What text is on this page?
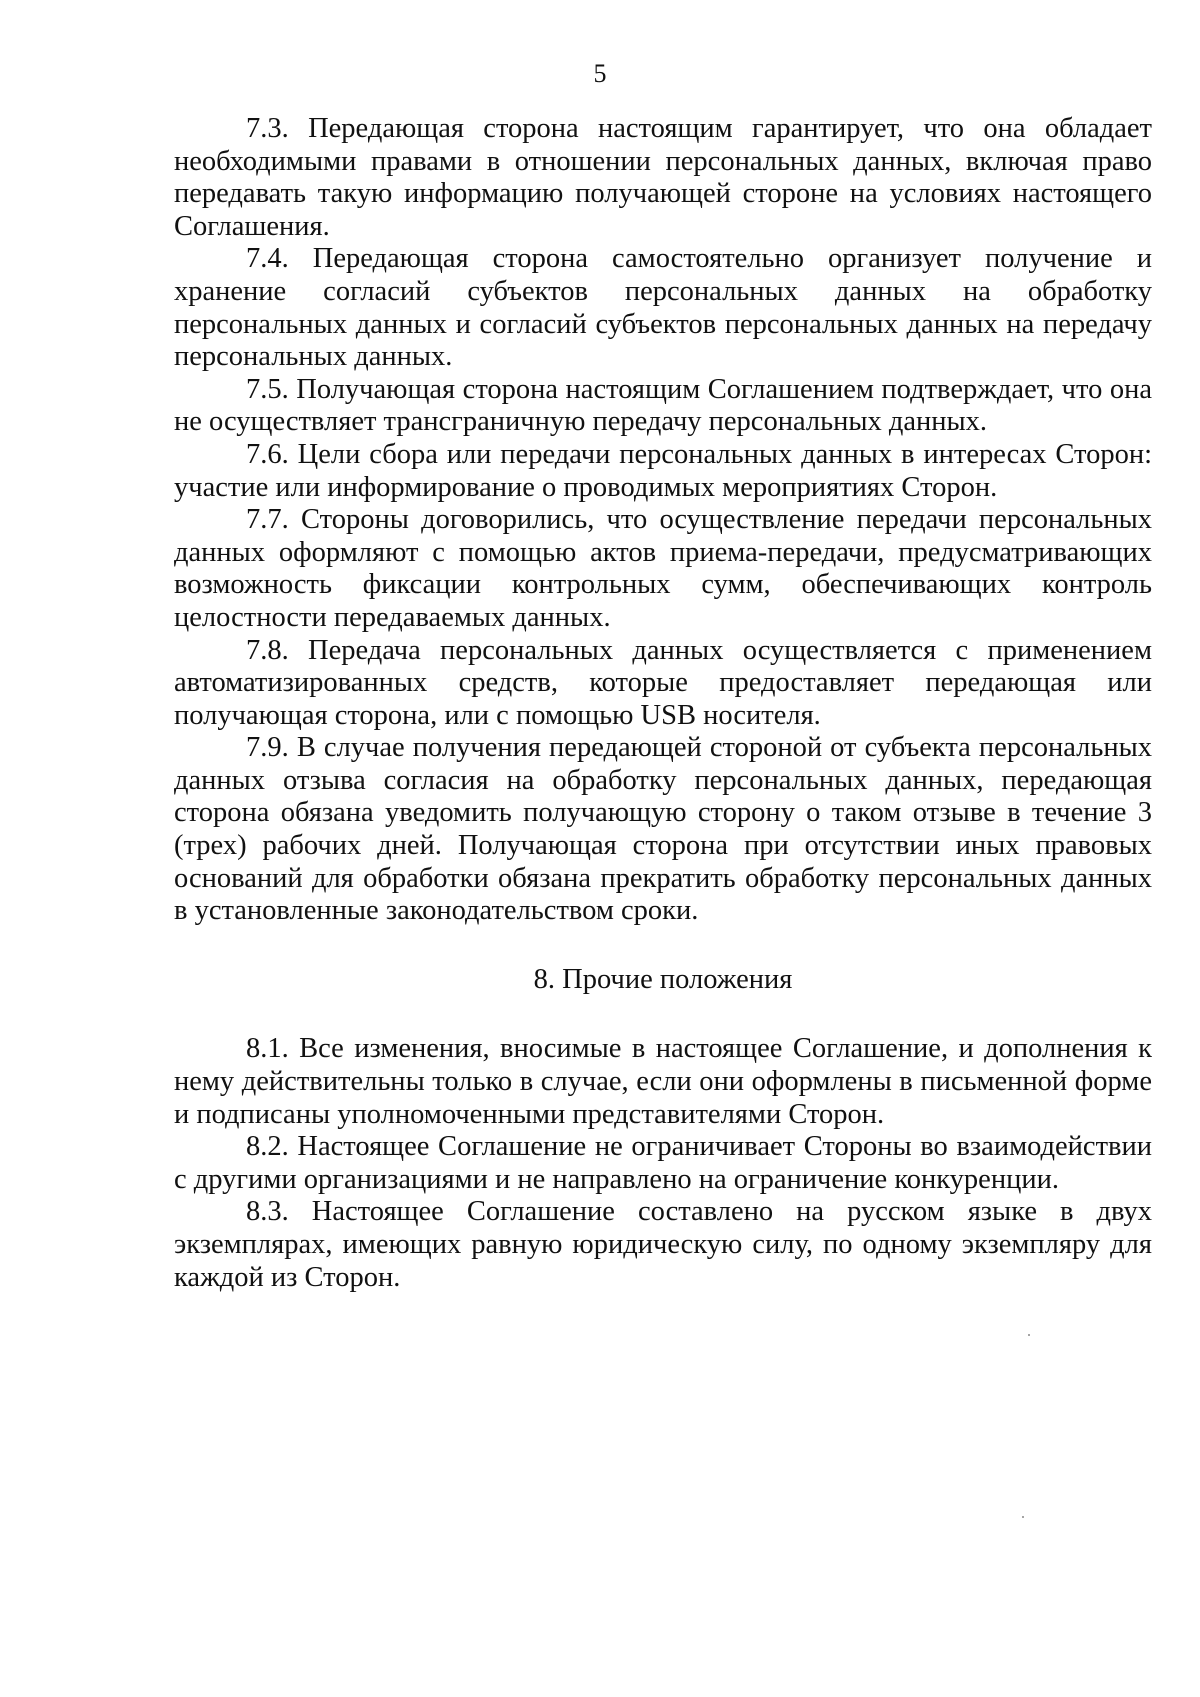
5

7.3. Передающая сторона настоящим гарантирует, что она обладает необходимыми правами в отношении персональных данных, включая право передавать такую информацию получающей стороне на условиях настоящего Соглашения.

7.4. Передающая сторона самостоятельно организует получение и хранение согласий субъектов персональных данных на обработку персональных данных и согласий субъектов персональных данных на передачу персональных данных.

7.5. Получающая сторона настоящим Соглашением подтверждает, что она не осуществляет трансграничную передачу персональных данных.

7.6. Цели сбора или передачи персональных данных в интересах Сторон: участие или информирование о проводимых мероприятиях Сторон.

7.7. Стороны договорились, что осуществление передачи персональных данных оформляют с помощью актов приема-передачи, предусматривающих возможность фиксации контрольных сумм, обеспечивающих контроль целостности передаваемых данных.

7.8. Передача персональных данных осуществляется с применением автоматизированных средств, которые предоставляет передающая или получающая сторона, или с помощью USB носителя.

7.9. В случае получения передающей стороной от субъекта персональных данных отзыва согласия на обработку персональных данных, передающая сторона обязана уведомить получающую сторону о таком отзыве в течение 3 (трех) рабочих дней. Получающая сторона при отсутствии иных правовых оснований для обработки обязана прекратить обработку персональных данных в установленные законодательством сроки.

8. Прочие положения

8.1. Все изменения, вносимые в настоящее Соглашение, и дополнения к нему действительны только в случае, если они оформлены в письменной форме и подписаны уполномоченными представителями Сторон.

8.2. Настоящее Соглашение не ограничивает Стороны во взаимодействии с другими организациями и не направлено на ограничение конкуренции.

8.3. Настоящее Соглашение составлено на русском языке в двух экземплярах, имеющих равную юридическую силу, по одному экземпляру для каждой из Сторон.
